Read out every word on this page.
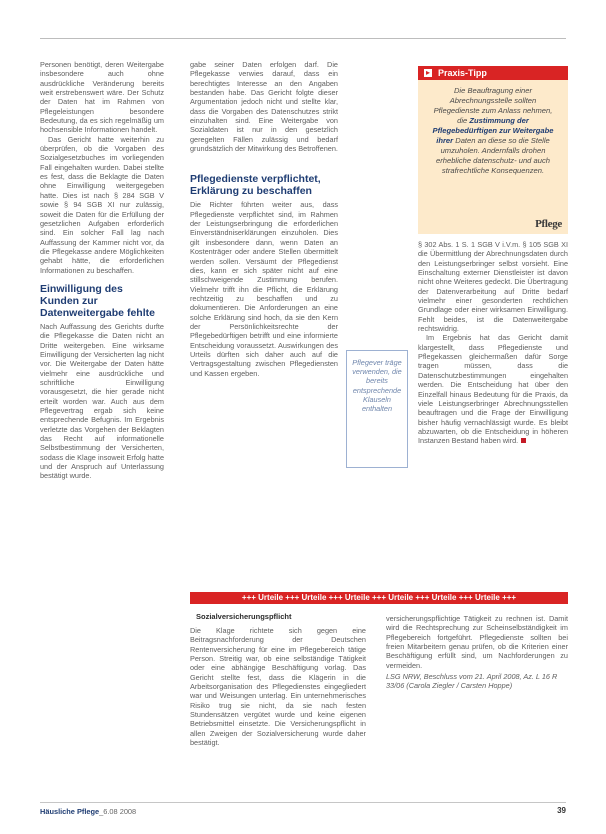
Personen benötigt, deren Weitergabe insbesondere auch ohne ausdrückliche Veränderung bereits weit erstrebenswert wäre. Der Schutz der Daten hat im Rahmen von Pflegeleistungen besondere Bedeutung, da es sich regelmäßig um hochsensible Informationen handelt.

Das Gericht hatte weiterhin zu überprüfen, ob die Vorgaben des Sozialgesetzbuches im vorliegenden Fall eingehalten wurden. Dabei stellte es fest, dass die Beklagte die Daten ohne Einwilligung weitergegeben hatte. Dies ist nach § 284 SGB V sowie § 94 SGB XI nur zulässig, soweit die Daten für die Erfüllung der gesetzlichen Aufgaben erforderlich sind. Ein solcher Fall lag nach Auffassung der Kammer nicht vor, da die Pflegekasse andere Möglichkeiten gehabt hätte, die erforderlichen Informationen zu beschaffen.

Einwilligung des Kunden zur Datenweitergabe fehlte

Nach Auffassung des Gerichts durfte die Pflegekasse die Daten nicht an Dritte weitergeben. Eine wirksame Einwilligung der Versicherten lag nicht vor. Die Weitergabe der Daten hätte vielmehr eine ausdrückliche und schriftliche Einwilligung vorausgesetzt, die hier gerade nicht erteilt worden war. Auch aus dem Pflegevertrag ergab sich keine entsprechende Befugnis. Im Ergebnis verletzte das Vorgehen der Beklagten das Recht auf informationelle Selbstbestimmung der Versicherten, sodass die Klage insoweit Erfolg hatte und der Anspruch auf Unterlassung bestätigt wurde.

gabe seiner Daten erfolgen darf. Die Pflegekasse verwies darauf, dass ein berechtigtes Interesse an den Angaben bestanden habe. Das Gericht folgte dieser Argumentation jedoch nicht und stellte klar, dass die Vorgaben des Datenschutzes strikt einzuhalten sind. Eine Weitergabe von Sozialdaten ist nur in den gesetzlich geregelten Fällen zulässig und bedarf grundsätzlich der Mitwirkung des Betroffenen.

Pflegedienste verpflichtet, Erklärung zu beschaffen

Die Richter führten weiter aus, dass Pflegedienste verpflichtet sind, im Rahmen der Leistungserbringung die erforderlichen Einverständniserklärungen einzuholen. Dies gilt insbesondere dann, wenn Daten an Kostenträger oder andere Stellen übermittelt werden sollen. Versäumt der Pflegedienst dies, kann er sich später nicht auf eine stillschweigende Zustimmung berufen. Vielmehr trifft ihn die Pflicht, die Erklärung rechtzeitig zu beschaffen und zu dokumentieren. Die Anforderungen an eine solche Erklärung sind hoch, da sie den Kern der Persönlichkeitsrechte der Pflegebedürftigen betrifft und eine informierte Entscheidung voraussetzt. Auswirkungen des Urteils dürften sich daher auch auf die Vertragsgestaltung zwischen Pflegediensten und Kassen ergeben.

Pflegever träge verwenden, die bereits entsprechende Klauseln enthalten
▸ Praxis-Tipp
Die Beauftragung einer Abrechnungsstelle sollten Pflegedienste zum Anlass nehmen, die Zustimmung der Pflegebedürftigen zur Weitergabe ihrer Daten an diese so die Stelle umzuholen. Andernfalls drohen erhebliche datenschutz- und auch strafrechtliche Konsequenzen.
Pflege

§ 302 Abs. 1 S. 1 SGB V i.V.m. § 105 SGB XI die Übermittlung der Abrechnungsdaten durch den Leistungserbringer selbst vorsieht. Eine Einschaltung externer Dienstleister ist davon nicht ohne Weiteres gedeckt. Die Übertragung der Datenverarbeitung auf Dritte bedarf vielmehr einer gesonderten rechtlichen Grundlage oder einer wirksamen Einwilligung. Fehlt beides, ist die Datenweitergabe rechtswidrig.

Im Ergebnis hat das Gericht damit klargestellt, dass Pflegedienste und Pflegekassen gleichermaßen dafür Sorge tragen müssen, dass die Datenschutzbestimmungen eingehalten werden. Die Entscheidung hat über den Einzelfall hinaus Bedeutung für die Praxis, da viele Leistungserbringer Abrechnungsstellen beauftragen und die Frage der Einwilligung bisher häufig vernachlässigt wurde. Es bleibt abzuwarten, ob die Entscheidung in höheren Instanzen Bestand haben wird.

+++ Urteile +++ Urteile +++ Urteile +++ Urteile +++ Urteile +++ Urteile +++
Sozialversicherungspflicht

Die Klage richtete sich gegen eine Beitragsnachforderung der Deutschen Rentenversicherung für eine im Pflegebereich tätige Person. Streitig war, ob eine selbständige Tätigkeit oder eine abhängige Beschäftigung vorlag. Das Gericht stellte fest, dass die Klägerin in die Arbeitsorganisation des Pflegedienstes eingegliedert war und Weisungen unterlag. Ein unternehmerisches Risiko trug sie nicht, da sie nach festen Stundensätzen vergütet wurde und keine eigenen Betriebsmittel einsetzte. Die Versicherungspflicht in allen Zweigen der Sozialversicherung wurde daher bestätigt.

versicherungspflichtige Tätigkeit zu rechnen ist. Damit wird die Rechtsprechung zur Scheinselbständigkeit im Pflegebereich fortgeführt. Pflegedienste sollten bei freien Mitarbeitern genau prüfen, ob die Kriterien einer Beschäftigung erfüllt sind, um Nachforderungen zu vermeiden.

LSG NRW, Beschluss vom 21. April 2008, Az. L 16 R 33/06 (Carola Ziegler / Carsten Hoppe)
Häusliche Pflege_6.08 2008	39
